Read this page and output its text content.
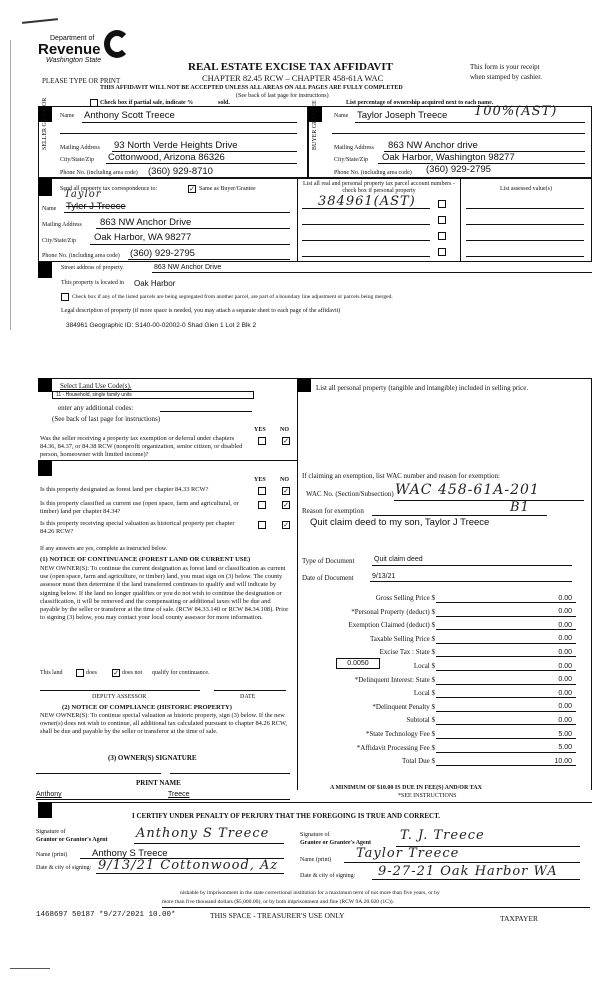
Department of
Revenue
Washington State
REAL ESTATE EXCISE TAX AFFIDAVIT
CHAPTER 82.45 RCW – CHAPTER 458-61A WAC
PLEASE TYPE OR PRINT
This form is your receipt
when stamped by cashier.
THIS AFFIDAVIT WILL NOT BE ACCEPTED UNLESS ALL AREAS ON ALL PAGES ARE FULLY COMPLETED
(See back of last page for instructions)
Check box if partial sale, indicate %	sold.	List percentage of ownership acquired next to each name.
SELLER GRANTOR Name Anthony Scott Treece
Mailing Address 93 North Verde Heights Drive
City/State/Zip Cottonwood, Arizona 86326
Phone No. (including area code) (360) 929-8710
BUYER GRANTEE	Name Taylor Joseph Treece 100%(AST)
Mailing Address 863 NW Anchor drive
City/State/Zip Oak Harbor, Washington 98277
Phone No. (including area code) (360) 929-2795
Send all property tax correspondence to:	✓ Same as Buyer/Grantee
Taylor
Name Tyler J Treece
Mailing Address 863 NW Anchor Drive
City/State/Zip Oak Harbor, WA 98277
Phone No. (including area code) (360) 929-2795
List all real and personal property tax parcel account numbers - check box if personal property	List assessed value(s)
384961(AST)
Street address of property.	863 NW Anchor Drive
This property is located in Oak Harbor
Check box if any of the listed parcels are being segregated from another parcel, are part of a boundary line adjustment or parcels being merged.
Legal description of property (if more space is needed, you may attach a separate sheet to each page of the affidavit)
384961 Geographic ID: S140-00-02002-0 Shad Glen 1 Lot 2 Blk 2
Select Land Use Code(s).
11 - Household, single family units
enter any additional codes:
(See back of last page for instructions)
YES NO
Was the seller receiving a property tax exemption or deferral under chapters 84.36, 84.37, or 84.38 RCW (nonprofit organization, senior citizen, or disabled person, homeowner with limited income)?
✓
YES NO
Is this property designated as forest land per chapter 84.33 RCW?	✓
Is this property classified as current use (open space, farm and agricultural, or timber) land per chapter 84.34?
✓
Is this property receiving special valuation as historical property per chapter 84.26 RCW?
✓
If any answers are yes, complete as instructed below.
(1) NOTICE OF CONTINUANCE (FOREST LAND OR CURRENT USE)
NEW OWNER(S): To continue the current designation as forest land or classification as current use (open space, farm and agriculture, or timber) land, you must sign on (3) below. The county assessor must then determine if the land transferred continues to qualify and will indicate by signing below. If the land no longer qualifies or you do not wish to continue the designation or classification, it will be removed and the compensating or additional taxes will be due and payable by the seller or transferor at the time of sale. (RCW 84.33.140 or RCW 84.34.108). Prior to signing (3) below, you may contact your local county assessor for more information.
This land	does ✓ does not qualify for continuance.
DEPUTY ASSESSOR	DATE
(2) NOTICE OF COMPLIANCE (HISTORIC PROPERTY)
NEW OWNER(S): To continue special valuation as historic property, sign (3) below. If the new owner(s) does not wish to continue, all additional tax calculated pursuant to chapter 84.26 RCW, shall be due and payable by the seller or transferor at the time of sale.
(3) OWNER(S) SIGNATURE
PRINT NAME
Anthony	Treece
List all personal property (tangible and intangible) included in selling price.
If claiming an exemption, list WAC number and reason for exemption:
WAC No. (Section/Subsection) WAC 458-61A-201
Reason for exemption	B1
Quit claim deed to my son, Taylor J Treece
Type of Document	Quit claim deed
Date of Document	9/13/21
0.0050
Gross Selling Price $	0.00
*Personal Property (deduct) $	0.00
Exemption Claimed (deduct) $	0.00
Taxable Selling Price $	0.00
Excise Tax : State $	0.00
Local $	0.00
*Delinquent Interest: State $	0.00
Local $	0.00
*Delinquent Penalty $	0.00
Subtotal $	0.00
*State Technology Fee $	5.00
*Affidavit Processing Fee $	5.00
Total Due $	10.00
A MINIMUM OF $10.00 IS DUE IN FEE(S) AND/OR TAX
*SEE INSTRUCTIONS
I CERTIFY UNDER PENALTY OF PERJURY THAT THE FOREGOING IS TRUE AND CORRECT.
Signature of
Grantor or Grantor's Agent Anthony S Treece
Name (print)	Anthony S Treece
Date & city of signing: 9/13/21 Cottonwood, Az
Signature of
Grantee or Grantee's Agent T. J. Treece
Name (print) Taylor Treece
Date & city of signing: 9-27-21 Oak Harbor WA
nishable by imprisonment in the state correctional institution for a maximum term of not more than five years, or by
more than five thousand dollars ($5,000.00), or by both imprisonment and fine (RCW 9A.20.020 (1C)).
1468697 50187 *9/27/2021 10.00*	THIS SPACE - TREASURER'S USE ONLY	TAXPAYER
